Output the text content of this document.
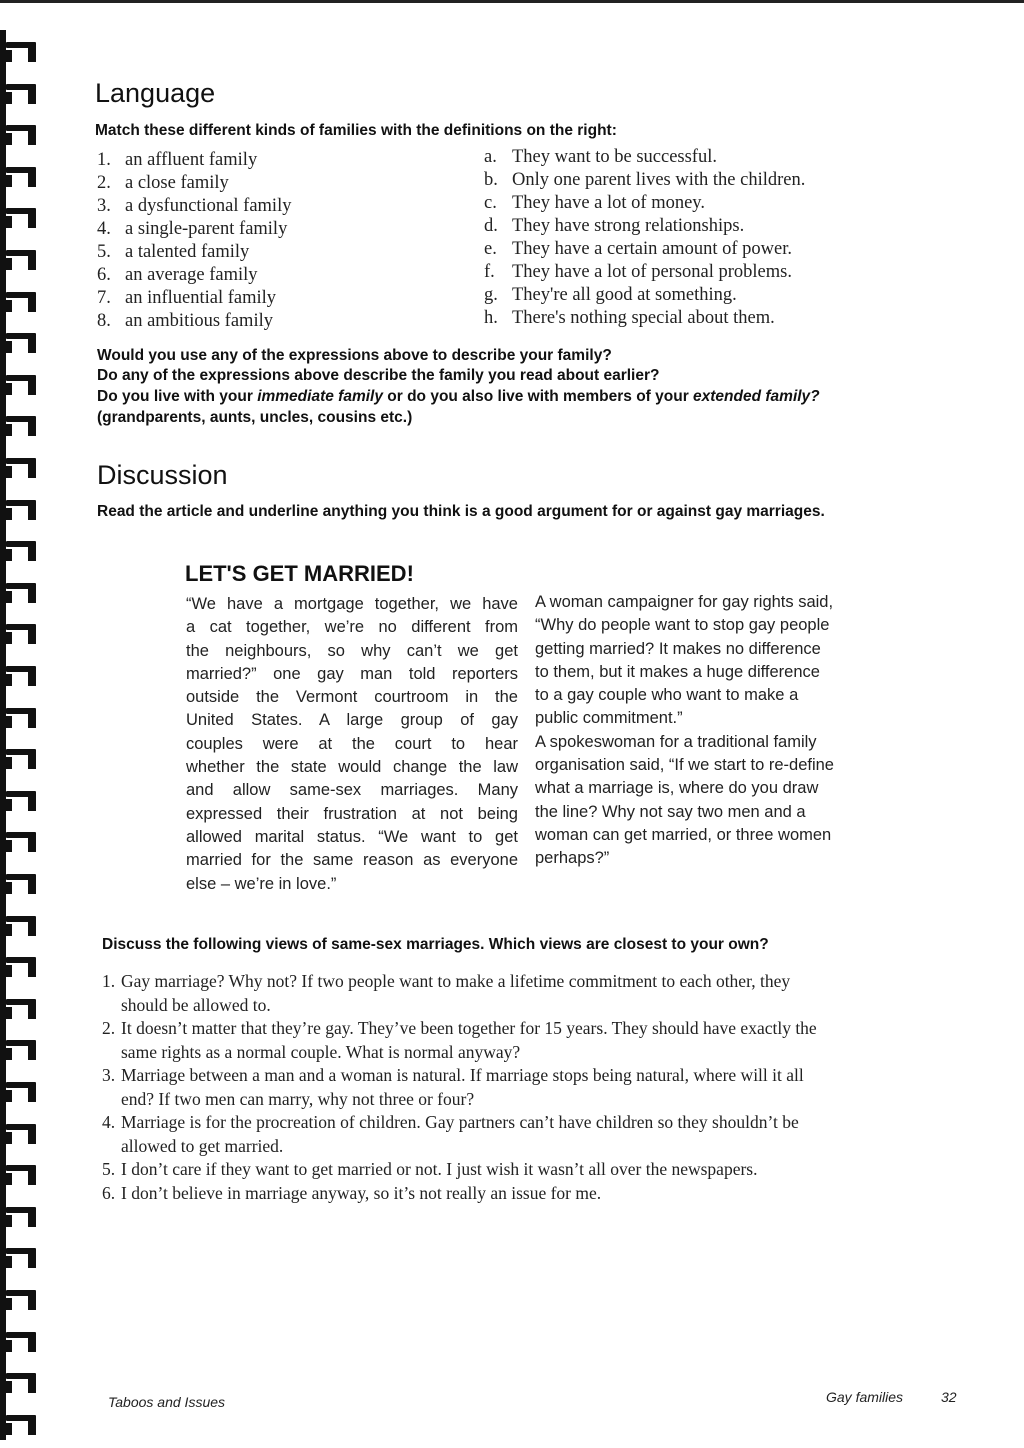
Language
Match these different kinds of families with the definitions on the right:
1. an affluent family
2. a close family
3. a dysfunctional family
4. a single-parent family
5. a talented family
6. an average family
7. an influential family
8. an ambitious family
a. They want to be successful.
b. Only one parent lives with the children.
c. They have a lot of money.
d. They have strong relationships.
e. They have a certain amount of power.
f. They have a lot of personal problems.
g. They're all good at something.
h. There's nothing special about them.
Would you use any of the expressions above to describe your family?
Do any of the expressions above describe the family you read about earlier?
Do you live with your immediate family or do you also live with members of your extended family?
(grandparents, aunts, uncles, cousins etc.)
Discussion
Read the article and underline anything you think is a good argument for or against gay marriages.
LET'S GET MARRIED!
“We have a mortgage together, we have
a cat together, we’re no different from
the neighbours, so why can’t we get
married?” one gay man told reporters
outside the Vermont courtroom in the
United States. A large group of gay
couples were at the court to hear
whether the state would change the law
and allow same-sex marriages. Many
expressed their frustration at not being
allowed marital status. “We want to get
married for the same reason as everyone
else – we’re in love.”
A woman campaigner for gay rights said,
“Why do people want to stop gay people
getting married? It makes no difference
to them, but it makes a huge difference
to a gay couple who want to make a
public commitment.”
A spokeswoman for a traditional family
organisation said, “If we start to re-define
what a marriage is, where do you draw
the line? Why not say two men and a
woman can get married, or three women
perhaps?”
Discuss the following views of same-sex marriages. Which views are closest to your own?
1. Gay marriage? Why not? If two people want to make a lifetime commitment to each other, they
should be allowed to.
2. It doesn’t matter that they’re gay. They’ve been together for 15 years. They should have exactly the
same rights as a normal couple. What is normal anyway?
3. Marriage between a man and a woman is natural. If marriage stops being natural, where will it all
end? If two men can marry, why not three or four?
4. Marriage is for the procreation of children. Gay partners can’t have children so they shouldn’t be
allowed to get married.
5. I don’t care if they want to get married or not. I just wish it wasn’t all over the newspapers.
6. I don’t believe in marriage anyway, so it’s not really an issue for me.
Taboos and Issues	Gay families	32
